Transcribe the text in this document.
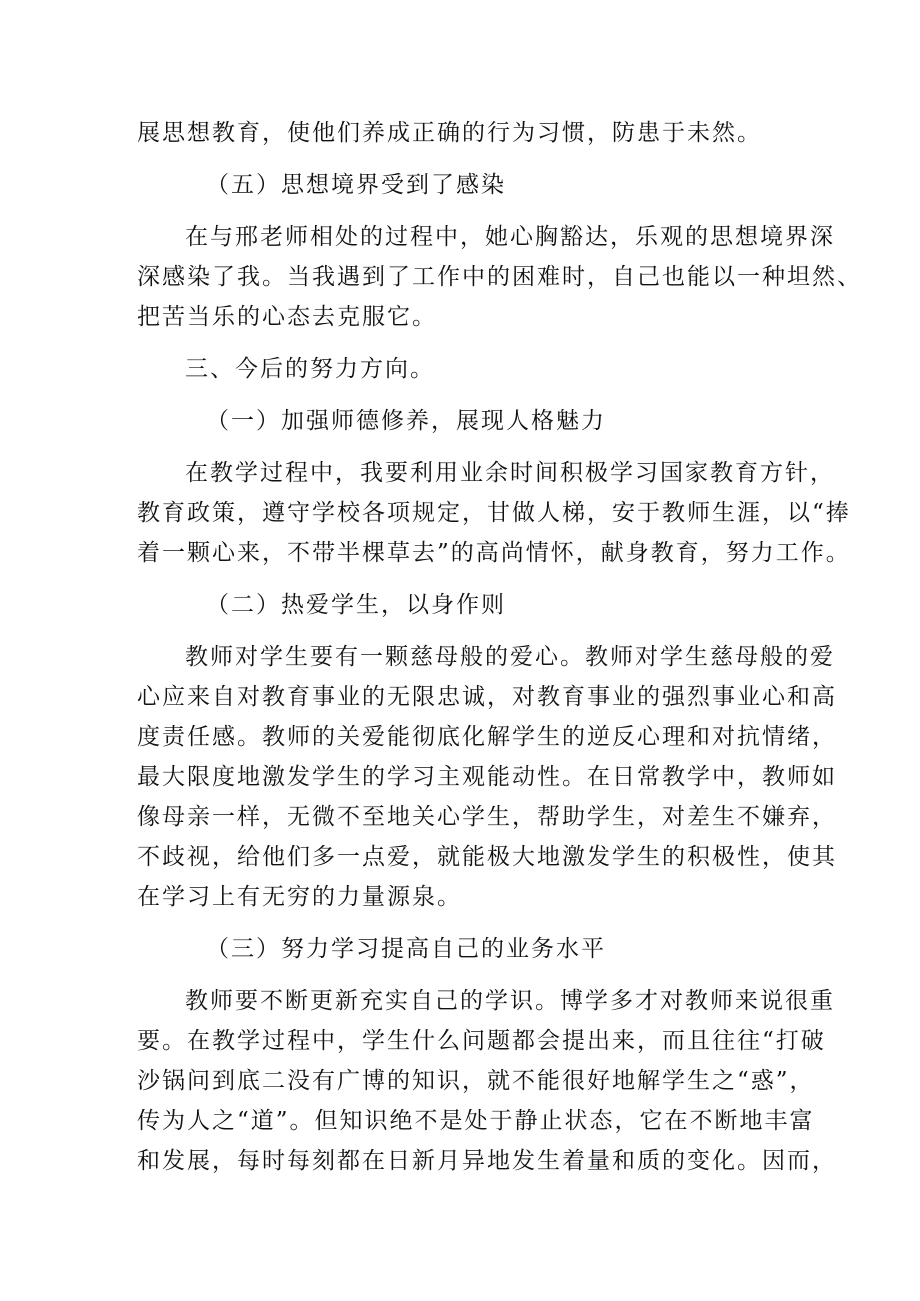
展思想教育，使他们养成正确的行为习惯，防患于未然。
（五）思想境界受到了感染
在与邢老师相处的过程中，她心胸豁达，乐观的思想境界深
深感染了我。当我遇到了工作中的困难时，自己也能以一种坦然、
把苦当乐的心态去克服它。
三、今后的努力方向。
（一）加强师德修养，展现人格魅力
在教学过程中，我要利用业余时间积极学习国家教育方针，
教育政策，遵守学校各项规定，甘做人梯，安于教师生涯，以“捧
着一颗心来，不带半棵草去”的高尚情怀，献身教育，努力工作。
（二）热爱学生，以身作则
教师对学生要有一颗慈母般的爱心。教师对学生慈母般的爱
心应来自对教育事业的无限忠诚，对教育事业的强烈事业心和高
度责任感。教师的关爱能彻底化解学生的逆反心理和对抗情绪，
最大限度地激发学生的学习主观能动性。在日常教学中，教师如
像母亲一样，无微不至地关心学生，帮助学生，对差生不嫌弃，
不歧视，给他们多一点爱，就能极大地激发学生的积极性，使其
在学习上有无穷的力量源泉。
（三）努力学习提高自己的业务水平
教师要不断更新充实自己的学识。博学多才对教师来说很重
要。在教学过程中，学生什么问题都会提出来，而且往往“打破
沙锅问到底二没有广博的知识，就不能很好地解学生之“惑”，
传为人之“道”。但知识绝不是处于静止状态，它在不断地丰富
和发展，每时每刻都在日新月异地发生着量和质的变化。因而，
